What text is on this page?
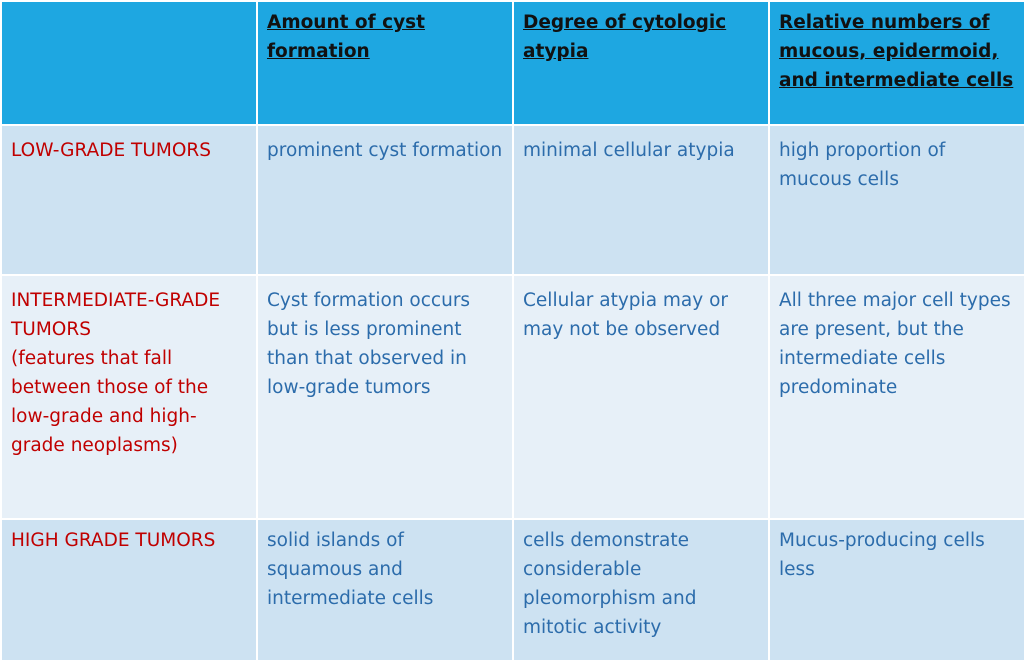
	Amount of cyst formation	Degree of cytologic atypia	Relative numbers of mucous, epidermoid, and intermediate cells

LOW-GRADE TUMORS	prominent cyst formation	minimal cellular atypia	high proportion of mucous cells

INTERMEDIATE-GRADE TUMORS
(features that fall between those of the low-grade and high-grade neoplasms)	Cyst formation occurs but is less prominent than that observed in low-grade tumors	Cellular atypia may or may not be observed	All three major cell types are present, but the intermediate cells predominate

HIGH GRADE TUMORS	solid islands of squamous and intermediate cells	cells demonstrate considerable pleomorphism and mitotic activity	Mucus-producing cells less
